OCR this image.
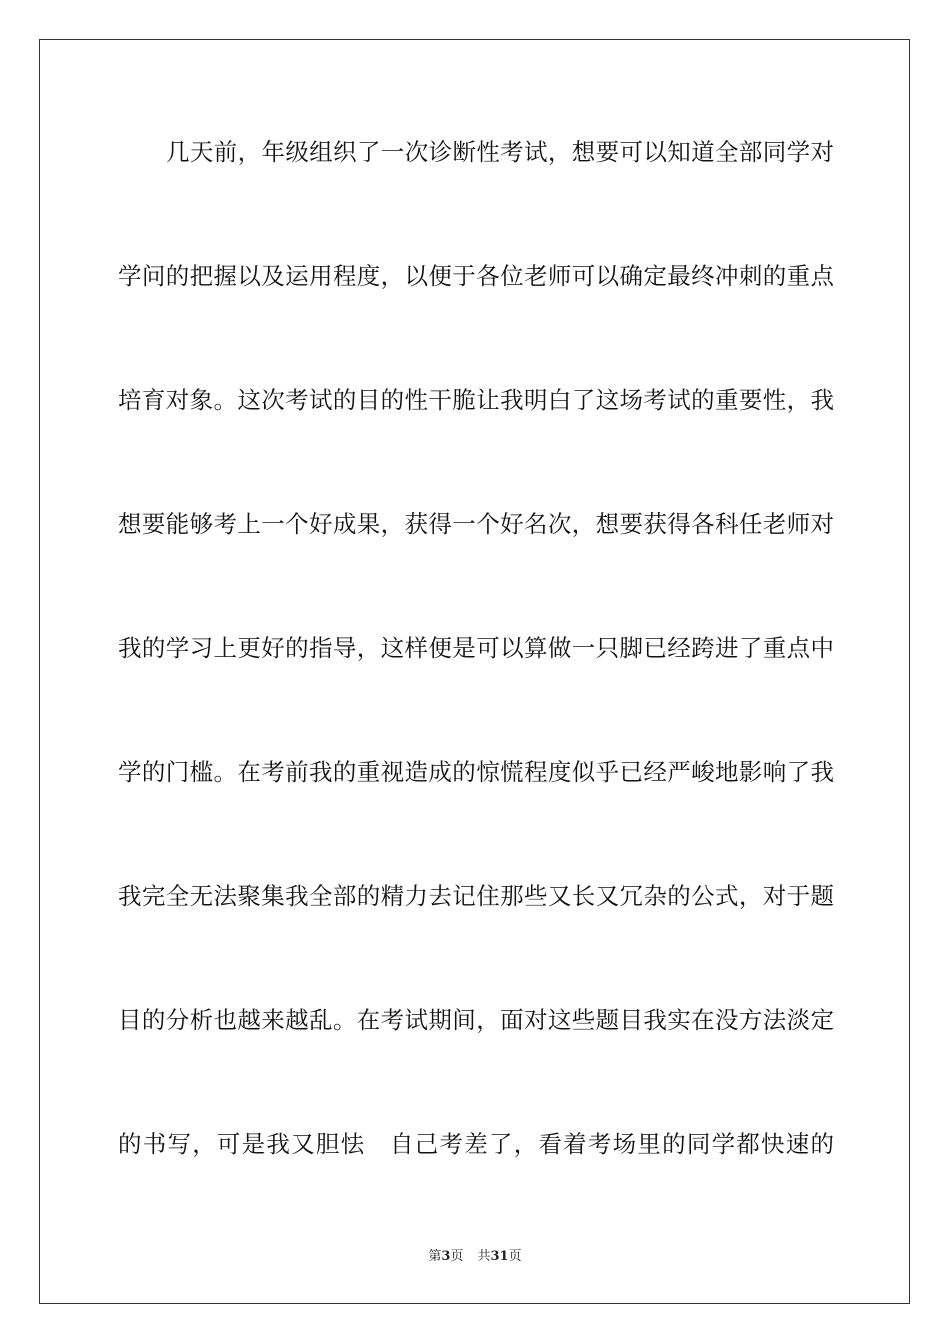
几天前，年级组织了一次诊断性考试，想要可以知道全部同学对
学问的把握以及运用程度，以便于各位老师可以确定最终冲刺的重点
培育对象。这次考试的目的性干脆让我明白了这场考试的重要性，我
想要能够考上一个好成果，获得一个好名次，想要获得各科任老师对
我的学习上更好的指导，这样便是可以算做一只脚已经跨进了重点中
学的门槛。在考前我的重视造成的惊慌程度似乎已经严峻地影响了我
我完全无法聚集我全部的精力去记住那些又长又冗杂的公式，对于题
目的分析也越来越乱。在考试期间，面对这些题目我实在没方法淡定
的书写，可是我又胆怯　自己考差了，看着考场里的同学都快速的
第3页 共31页
